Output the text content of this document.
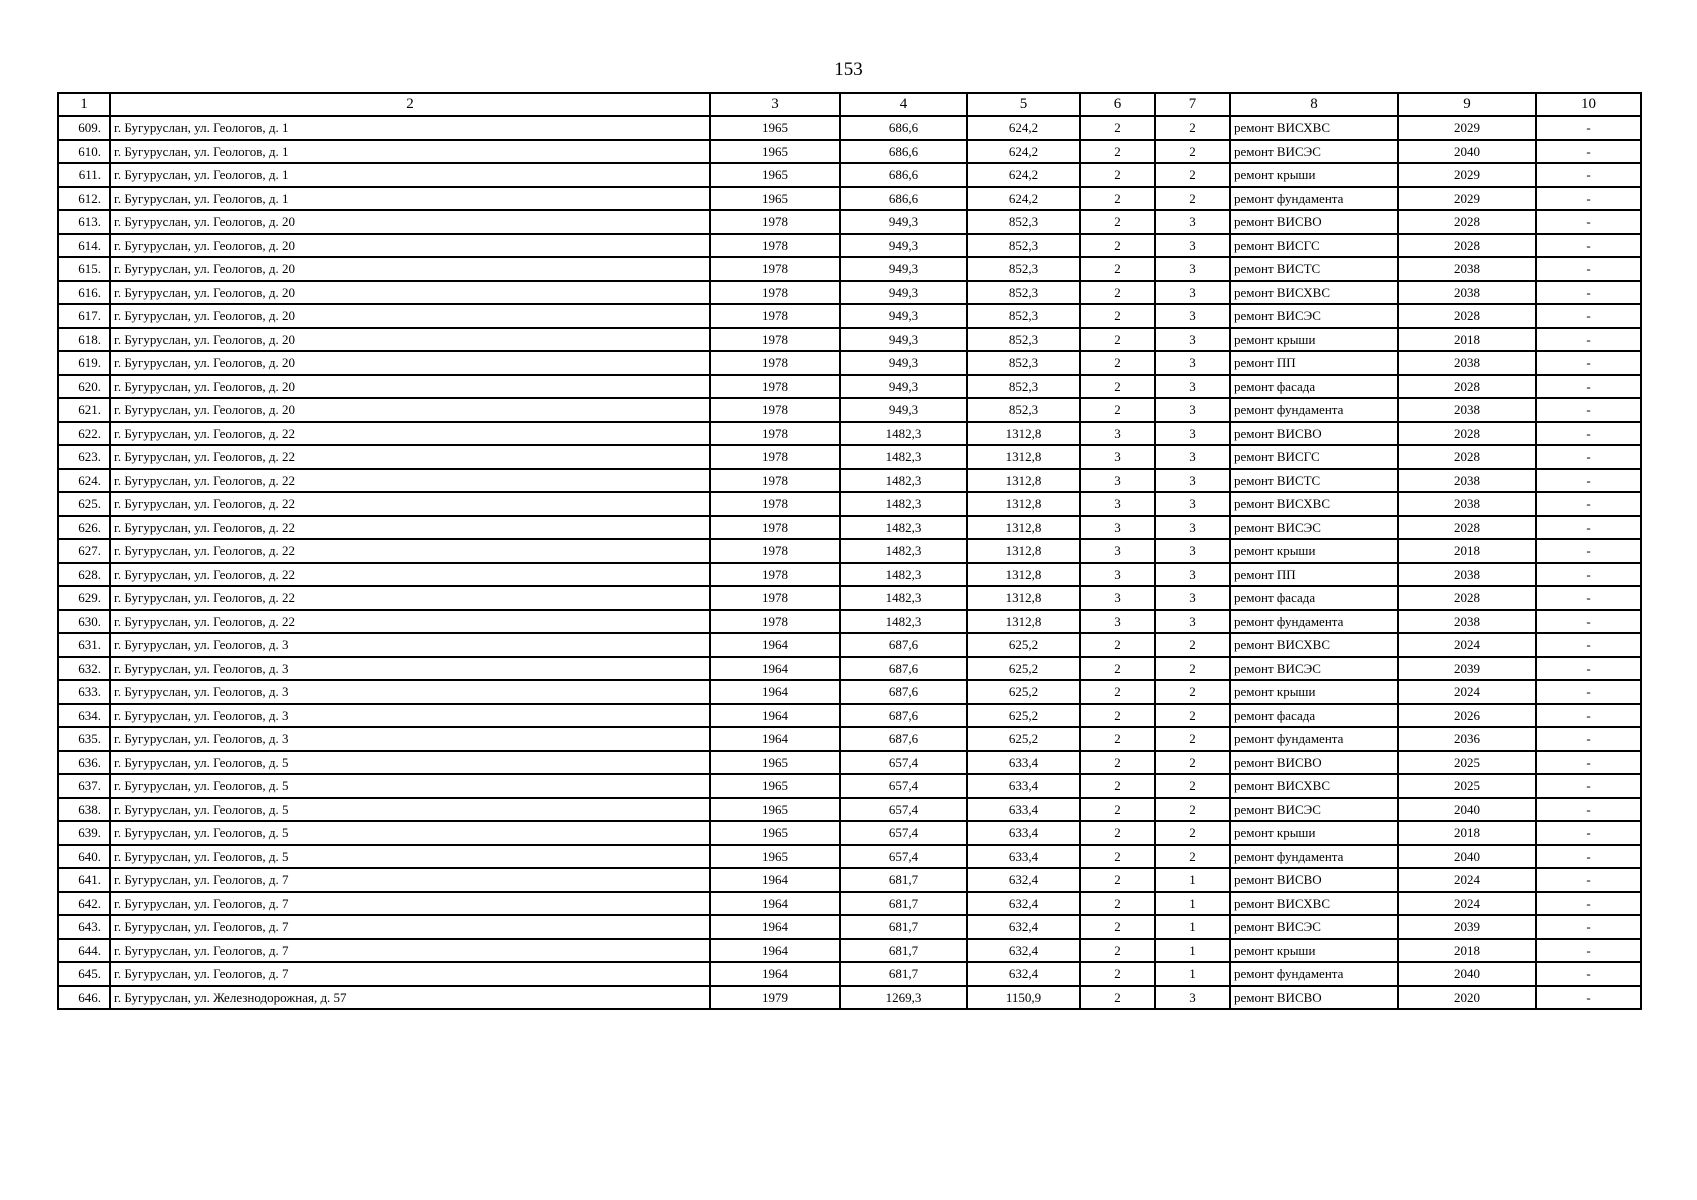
153
1	2	3	4	5	6	7	8	9	10
609.	г. Бугуруслан, ул. Геологов, д. 1	1965	686,6	624,2	2	2	ремонт ВИСХВС	2029	-
610.	г. Бугуруслан, ул. Геологов, д. 1	1965	686,6	624,2	2	2	ремонт ВИСЭС	2040	-
611.	г. Бугуруслан, ул. Геологов, д. 1	1965	686,6	624,2	2	2	ремонт крыши	2029	-
612.	г. Бугуруслан, ул. Геологов, д. 1	1965	686,6	624,2	2	2	ремонт фундамента	2029	-
613.	г. Бугуруслан, ул. Геологов, д. 20	1978	949,3	852,3	2	3	ремонт ВИСВО	2028	-
614.	г. Бугуруслан, ул. Геологов, д. 20	1978	949,3	852,3	2	3	ремонт ВИСГС	2028	-
615.	г. Бугуруслан, ул. Геологов, д. 20	1978	949,3	852,3	2	3	ремонт ВИСТС	2038	-
616.	г. Бугуруслан, ул. Геологов, д. 20	1978	949,3	852,3	2	3	ремонт ВИСХВС	2038	-
617.	г. Бугуруслан, ул. Геологов, д. 20	1978	949,3	852,3	2	3	ремонт ВИСЭС	2028	-
618.	г. Бугуруслан, ул. Геологов, д. 20	1978	949,3	852,3	2	3	ремонт крыши	2018	-
619.	г. Бугуруслан, ул. Геологов, д. 20	1978	949,3	852,3	2	3	ремонт ПП	2038	-
620.	г. Бугуруслан, ул. Геологов, д. 20	1978	949,3	852,3	2	3	ремонт фасада	2028	-
621.	г. Бугуруслан, ул. Геологов, д. 20	1978	949,3	852,3	2	3	ремонт фундамента	2038	-
622.	г. Бугуруслан, ул. Геологов, д. 22	1978	1482,3	1312,8	3	3	ремонт ВИСВО	2028	-
623.	г. Бугуруслан, ул. Геологов, д. 22	1978	1482,3	1312,8	3	3	ремонт ВИСГС	2028	-
624.	г. Бугуруслан, ул. Геологов, д. 22	1978	1482,3	1312,8	3	3	ремонт ВИСТС	2038	-
625.	г. Бугуруслан, ул. Геологов, д. 22	1978	1482,3	1312,8	3	3	ремонт ВИСХВС	2038	-
626.	г. Бугуруслан, ул. Геологов, д. 22	1978	1482,3	1312,8	3	3	ремонт ВИСЭС	2028	-
627.	г. Бугуруслан, ул. Геологов, д. 22	1978	1482,3	1312,8	3	3	ремонт крыши	2018	-
628.	г. Бугуруслан, ул. Геологов, д. 22	1978	1482,3	1312,8	3	3	ремонт ПП	2038	-
629.	г. Бугуруслан, ул. Геологов, д. 22	1978	1482,3	1312,8	3	3	ремонт фасада	2028	-
630.	г. Бугуруслан, ул. Геологов, д. 22	1978	1482,3	1312,8	3	3	ремонт фундамента	2038	-
631.	г. Бугуруслан, ул. Геологов, д. 3	1964	687,6	625,2	2	2	ремонт ВИСХВС	2024	-
632.	г. Бугуруслан, ул. Геологов, д. 3	1964	687,6	625,2	2	2	ремонт ВИСЭС	2039	-
633.	г. Бугуруслан, ул. Геологов, д. 3	1964	687,6	625,2	2	2	ремонт крыши	2024	-
634.	г. Бугуруслан, ул. Геологов, д. 3	1964	687,6	625,2	2	2	ремонт фасада	2026	-
635.	г. Бугуруслан, ул. Геологов, д. 3	1964	687,6	625,2	2	2	ремонт фундамента	2036	-
636.	г. Бугуруслан, ул. Геологов, д. 5	1965	657,4	633,4	2	2	ремонт ВИСВО	2025	-
637.	г. Бугуруслан, ул. Геологов, д. 5	1965	657,4	633,4	2	2	ремонт ВИСХВС	2025	-
638.	г. Бугуруслан, ул. Геологов, д. 5	1965	657,4	633,4	2	2	ремонт ВИСЭС	2040	-
639.	г. Бугуруслан, ул. Геологов, д. 5	1965	657,4	633,4	2	2	ремонт крыши	2018	-
640.	г. Бугуруслан, ул. Геологов, д. 5	1965	657,4	633,4	2	2	ремонт фундамента	2040	-
641.	г. Бугуруслан, ул. Геологов, д. 7	1964	681,7	632,4	2	1	ремонт ВИСВО	2024	-
642.	г. Бугуруслан, ул. Геологов, д. 7	1964	681,7	632,4	2	1	ремонт ВИСХВС	2024	-
643.	г. Бугуруслан, ул. Геологов, д. 7	1964	681,7	632,4	2	1	ремонт ВИСЭС	2039	-
644.	г. Бугуруслан, ул. Геологов, д. 7	1964	681,7	632,4	2	1	ремонт крыши	2018	-
645.	г. Бугуруслан, ул. Геологов, д. 7	1964	681,7	632,4	2	1	ремонт фундамента	2040	-
646.	г. Бугуруслан, ул. Железнодорожная, д. 57	1979	1269,3	1150,9	2	3	ремонт ВИСВО	2020	-
